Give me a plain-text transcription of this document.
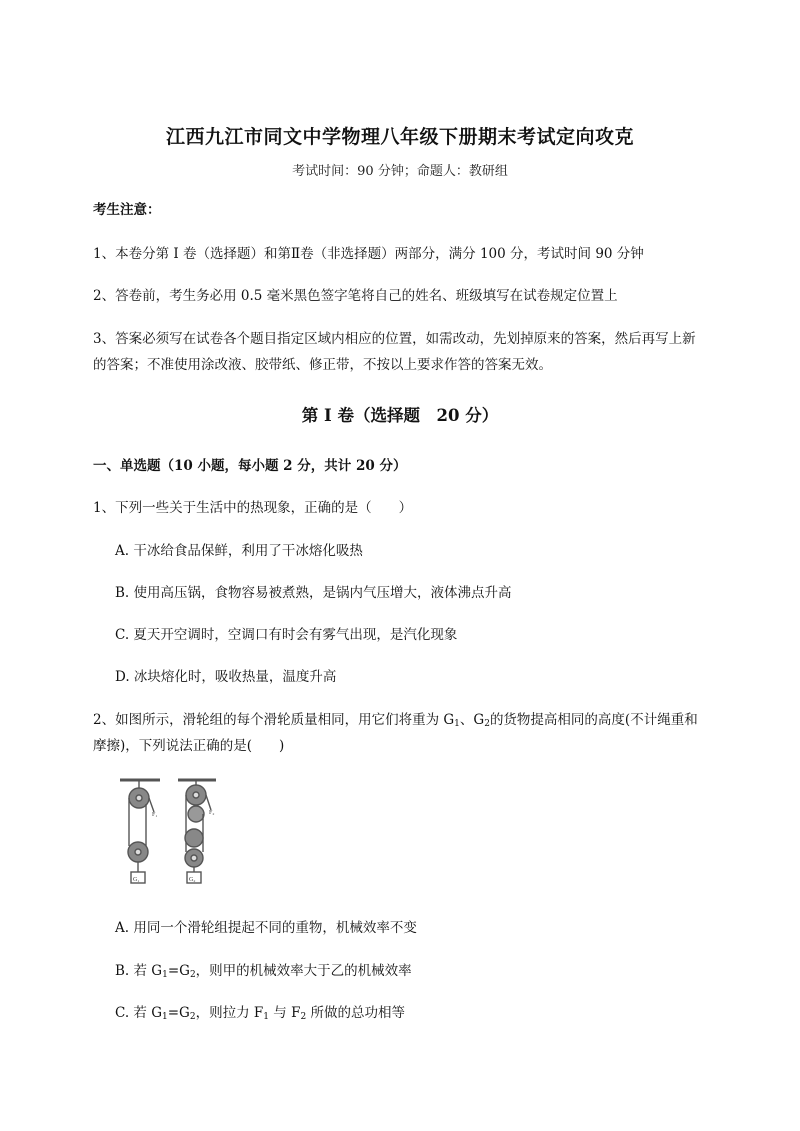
江西九江市同文中学物理八年级下册期末考试定向攻克
考试时间：90 分钟；命题人：教研组
考生注意：
1、本卷分第 I 卷（选择题）和第Ⅱ卷（非选择题）两部分，满分 100 分，考试时间 90 分钟
2、答卷前，考生务必用 0.5 毫米黑色签字笔将自己的姓名、班级填写在试卷规定位置上
3、答案必须写在试卷各个题目指定区域内相应的位置，如需改动，先划掉原来的答案，然后再写上新
的答案；不准使用涂改液、胶带纸、修正带，不按以上要求作答的答案无效。
第 I 卷（选择题　20 分）
一、单选题（10 小题，每小题 2 分，共计 20 分）
1、下列一些关于生活中的热现象，正确的是（　　）
A. 干冰给食品保鲜，利用了干冰熔化吸热
B. 使用高压锅，食物容易被煮熟，是锅内气压增大，液体沸点升高
C. 夏天开空调时，空调口有时会有雾气出现，是汽化现象
D. 冰块熔化时，吸收热量，温度升高
2、如图所示，滑轮组的每个滑轮质量相同，用它们将重为 $G_1$、$G_2$的货物提高相同的高度(不计绳重和
摩擦)，下列说法正确的是(　　)
F₁	F₂
G₁	G₂
A. 用同一个滑轮组提起不同的重物，机械效率不变
B. 若 $G_1=G_2$，则甲的机械效率大于乙的机械效率
C. 若 $G_1=G_2$，则拉力 $F_1$ 与 $F_2$ 所做的总功相等
